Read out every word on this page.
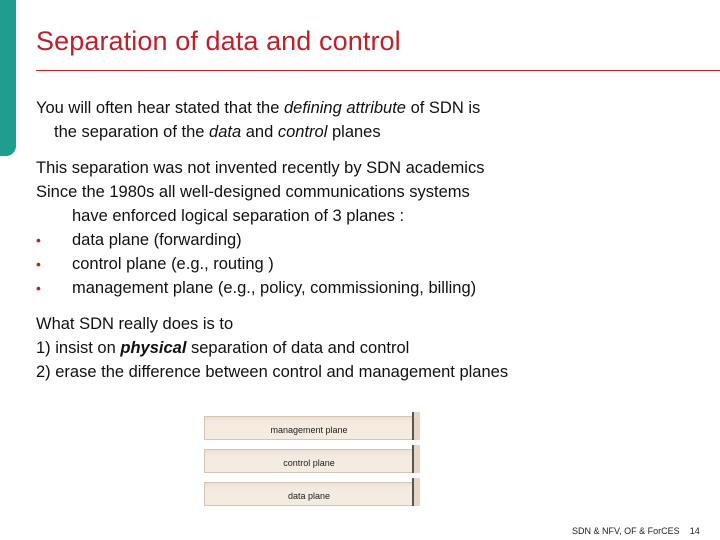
Separation of data and control
You will often hear stated that the defining attribute of SDN is
the separation of the data and control planes
This separation was not invented recently by SDN academics
Since the 1980s all well-designed communications systems
have enforced logical separation of 3 planes :
• data plane (forwarding)
• control plane (e.g., routing )
• management plane (e.g., policy, commissioning, billing)
What SDN really does is to
1) insist on physical separation of data and control
2) erase the difference between control and management planes
management plane
control plane
data plane
SDN & NFV, OF & ForCES 14
